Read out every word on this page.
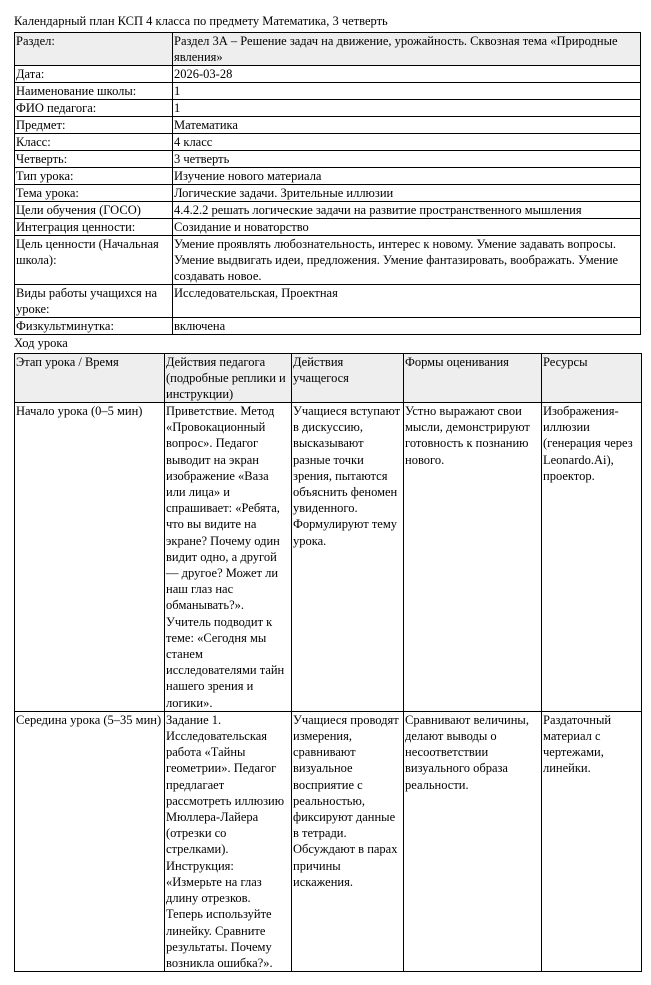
Календарный план КСП 4 класса по предмету Математика, 3 четверть
Раздел:	Раздел 3А – Решение задач на движение, урожайность. Сквозная тема «Природные явления»
Дата:	2026-03-28
Наименование школы:	1
ФИО педагога:	1
Предмет:	Математика
Класс:	4 класс
Четверть:	3 четверть
Тип урока:	Изучение нового материала
Тема урока:	Логические задачи. Зрительные иллюзии
Цели обучения (ГОСО)	4.4.2.2 решать логические задачи на развитие пространственного мышления
Интеграция ценности:	Созидание и новаторство
Цель ценности (Начальная школа):	Умение проявлять любознательность, интерес к новому. Умение задавать вопросы. Умение выдвигать идеи, предложения. Умение фантазировать, воображать. Умение создавать новое.
Виды работы учащихся на уроке:	Исследовательская, Проектная
Физкультминутка:	включена
Ход урока
Этап урока / Время	Действия педагога (подробные реплики и инструкции)	Действия учащегося	Формы оценивания	Ресурсы
Начало урока (0–5 мин)	Приветствие. Метод «Провокационный вопрос». Педагог выводит на экран изображение «Ваза или лица» и спрашивает: «Ребята, что вы видите на экране? Почему один видит одно, а другой — другое? Может ли наш глаз нас обманывать?». Учитель подводит к теме: «Сегодня мы станем исследователями тайн нашего зрения и логики».	Учащиеся вступают в дискуссию, высказывают разные точки зрения, пытаются объяснить феномен увиденного. Формулируют тему урока.	Устно выражают свои мысли, демонстрируют готовность к познанию нового.	Изображения-иллюзии (генерация через Leonardo.Ai), проектор.
Середина урока (5–35 мин)	Задание 1. Исследовательская работа «Тайны геометрии». Педагог предлагает рассмотреть иллюзию Мюллера-Лайера (отрезки со стрелками). Инструкция: «Измерьте на глаз длину отрезков. Теперь используйте линейку. Сравните результаты. Почему возникла ошибка?».	Учащиеся проводят измерения, сравнивают визуальное восприятие с реальностью, фиксируют данные в тетради. Обсуждают в парах причины искажения.	Сравнивают величины, делают выводы о несоответствии визуального образа реальности.	Раздаточный материал с чертежами, линейки.
